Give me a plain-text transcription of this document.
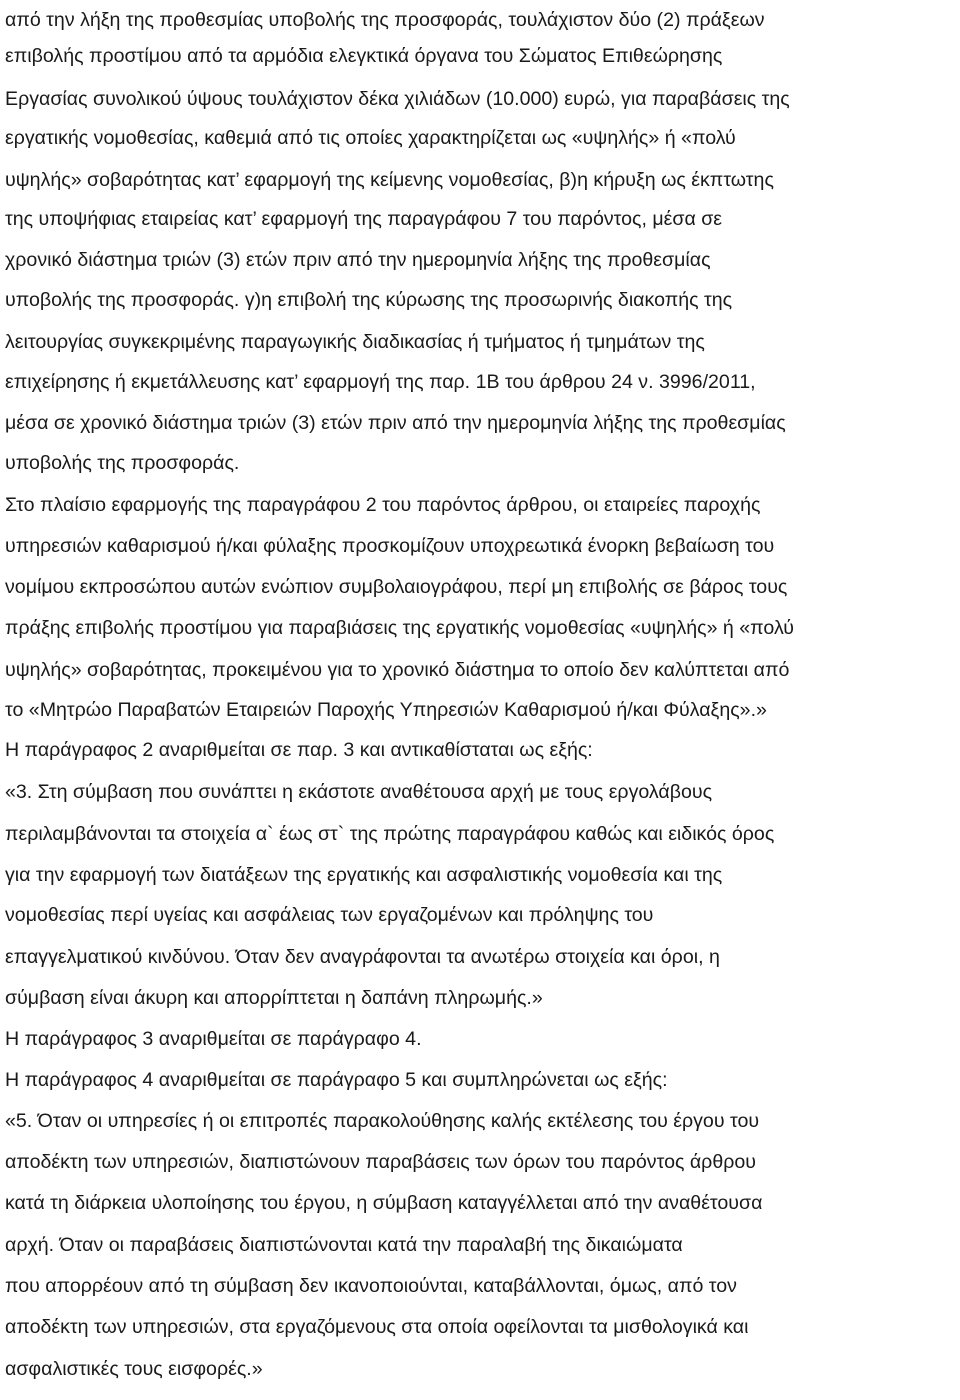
από την λήξη της προθεσμίας υποβολής της προσφοράς, τουλάχιστον δύο (2) πράξεων
επιβολής προστίμου από τα αρμόδια ελεγκτικά όργανα του Σώματος Επιθεώρησης
Εργασίας συνολικού ύψους τουλάχιστον δέκα χιλιάδων (10.000) ευρώ, για παραβάσεις της
εργατικής νομοθεσίας, καθεμιά από τις οποίες χαρακτηρίζεται ως «υψηλής» ή «πολύ
υψηλής» σοβαρότητας κατ’ εφαρμογή της κείμενης νομοθεσίας, β)η κήρυξη ως έκπτωτης
της υποψήφιας εταιρείας κατ’ εφαρμογή της παραγράφου 7 του παρόντος, μέσα σε
χρονικό διάστημα τριών (3) ετών πριν από την ημερομηνία λήξης της προθεσμίας
υποβολής της προσφοράς. γ)η επιβολή της κύρωσης της προσωρινής διακοπής της
λειτουργίας συγκεκριμένης παραγωγικής διαδικασίας ή τμήματος ή τμημάτων της
επιχείρησης ή εκμετάλλευσης κατ’ εφαρμογή της παρ. 1Β του άρθρου 24 ν. 3996/2011,
μέσα σε χρονικό διάστημα τριών (3) ετών πριν από την ημερομηνία λήξης της προθεσμίας
υποβολής της προσφοράς.
Στο πλαίσιο εφαρμογής της παραγράφου 2 του παρόντος άρθρου, οι εταιρείες παροχής
υπηρεσιών καθαρισμού ή/και φύλαξης προσκομίζουν υποχρεωτικά ένορκη βεβαίωση του
νομίμου εκπροσώπου αυτών ενώπιον συμβολαιογράφου, περί μη επιβολής σε βάρος τους
πράξης επιβολής προστίμου για παραβιάσεις της εργατικής νομοθεσίας «υψηλής» ή «πολύ
υψηλής» σοβαρότητας, προκειμένου για το χρονικό διάστημα το οποίο δεν καλύπτεται από
το «Μητρώο Παραβατών Εταιρειών Παροχής Υπηρεσιών Καθαρισμού ή/και Φύλαξης».»
Η παράγραφος 2 αναριθμείται σε παρ. 3 και αντικαθίσταται ως εξής:
«3. Στη σύμβαση που συνάπτει η εκάστοτε αναθέτουσα αρχή με τους εργολάβους
περιλαμβάνονται τα στοιχεία α` έως στ` της πρώτης παραγράφου καθώς και ειδικός όρος
για την εφαρμογή των διατάξεων της εργατικής και ασφαλιστικής νομοθεσία και της
νομοθεσίας περί υγείας και ασφάλειας των εργαζομένων και πρόληψης του
επαγγελματικού κινδύνου. Όταν δεν αναγράφονται τα ανωτέρω στοιχεία και όροι, η
σύμβαση είναι άκυρη και απορρίπτεται η δαπάνη πληρωμής.»
Η παράγραφος 3 αναριθμείται σε παράγραφο 4.
Η παράγραφος 4 αναριθμείται σε παράγραφο 5 και συμπληρώνεται ως εξής:
«5. Όταν οι υπηρεσίες ή οι επιτροπές παρακολούθησης καλής εκτέλεσης του έργου του
αποδέκτη των υπηρεσιών, διαπιστώνουν παραβάσεις των όρων του παρόντος άρθρου
κατά τη διάρκεια υλοποίησης του έργου, η σύμβαση καταγγέλλεται από την αναθέτουσα
αρχή. Όταν οι παραβάσεις διαπιστώνονται κατά την παραλαβή της δικαιώματα
που απορρέουν από τη σύμβαση δεν ικανοποιούνται, καταβάλλονται, όμως, από τον
αποδέκτη των υπηρεσιών, στα εργαζόμενους στα οποία οφείλονται τα μισθολογικά και
ασφαλιστικές τους εισφορές.»
